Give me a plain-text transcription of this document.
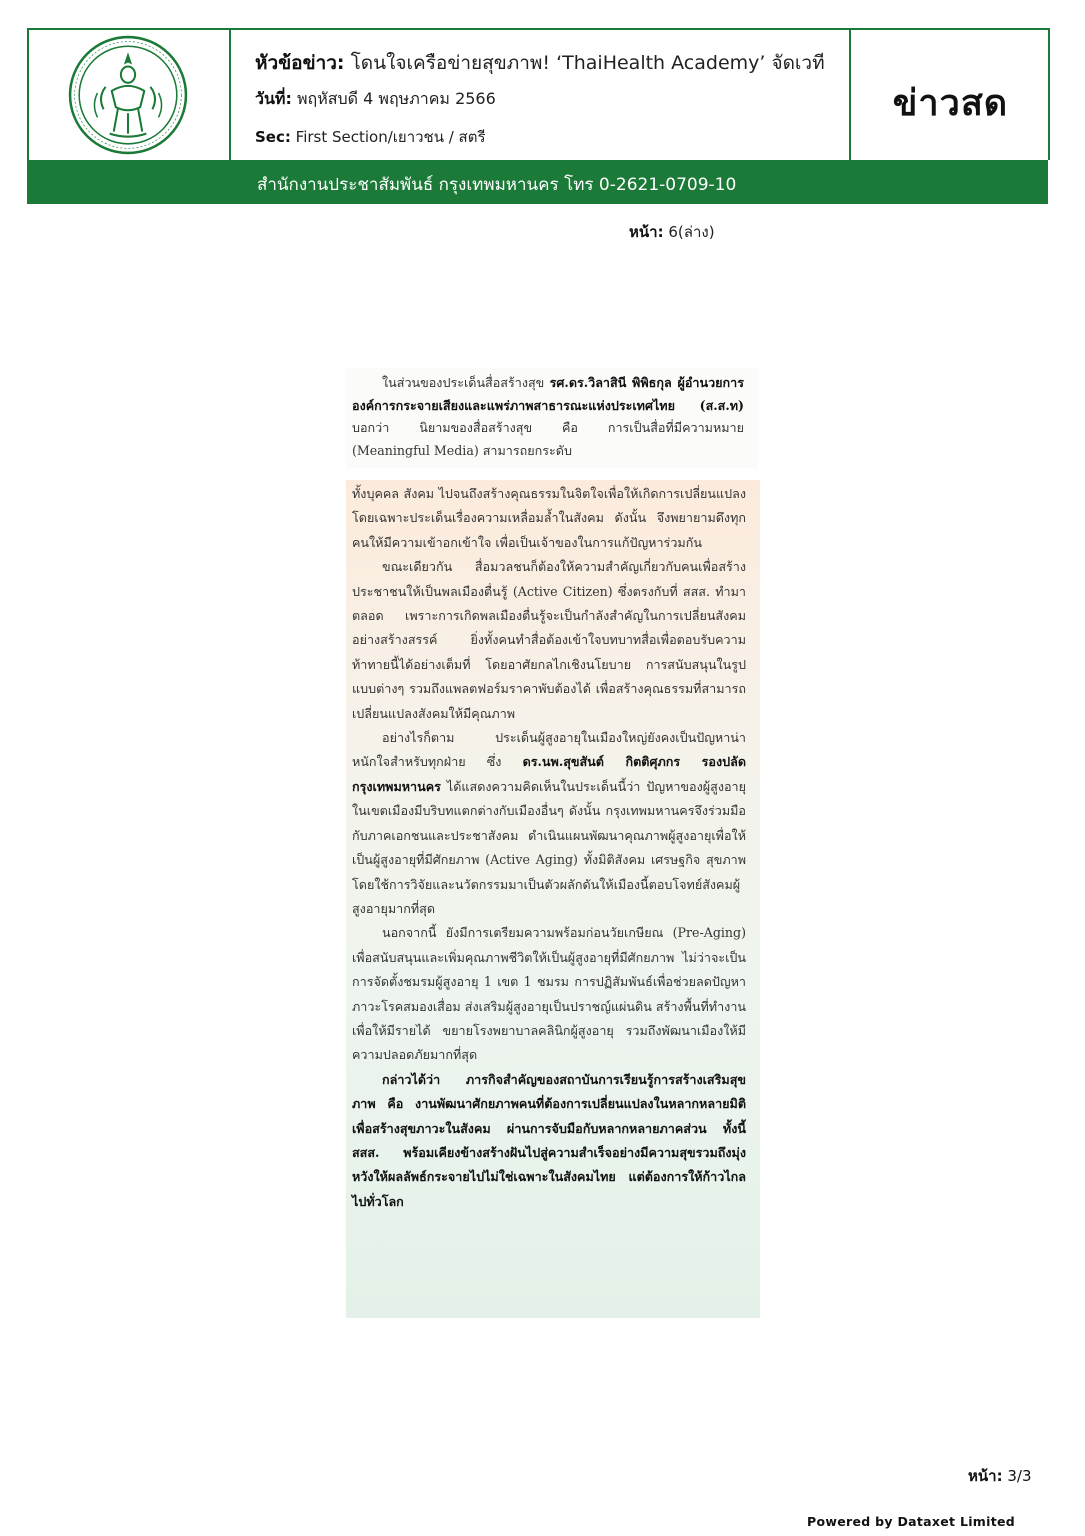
หัวข้อข่าว: โดนใจเครือข่ายสุขภาพ! ‘ThaiHealth Academy’ จัดเวที
วันที่: พฤหัสบดี 4 พฤษภาคม 2566
Sec: First Section/เยาวชน / สตรี
หน้า: 6(ล่าง)
ข่าวสด
สำนักงานประชาสัมพันธ์ กรุงเทพมหานคร โทร 0-2621-0709-10

ในส่วนของประเด็นสื่อสร้างสุข รศ.ดร.วิลาสินี พิพิธกุล ผู้อำนวยการองค์การกระจายเสียงและแพร่ภาพสาธารณะแห่งประเทศไทย (ส.ส.ท) บอกว่า นิยามของสื่อสร้างสุข คือ การเป็นสื่อที่มีความหมาย (Meaningful Media) สามารถยกระดับ

ทั้งบุคคล สังคม ไปจนถึงสร้างคุณธรรมในจิตใจเพื่อให้เกิดการเปลี่ยนแปลง โดยเฉพาะประเด็นเรื่องความเหลื่อมล้ำในสังคม ดังนั้น จึงพยายามดึงทุกคนให้มีความเข้าอกเข้าใจ เพื่อเป็นเจ้าของในการแก้ปัญหาร่วมกัน

ขณะเดียวกัน สื่อมวลชนก็ต้องให้ความสำคัญเกี่ยวกับคนเพื่อสร้างประชาชนให้เป็นพลเมืองตื่นรู้ (Active Citizen) ซึ่งตรงกับที่ สสส. ทำมาตลอด เพราะการเกิดพลเมืองตื่นรู้จะเป็นกำลังสำคัญในการเปลี่ยนสังคมอย่างสร้างสรรค์ ยิ่งทั้งคนทำสื่อต้องเข้าใจบทบาทสื่อเพื่อตอบรับความท้าทายนี้ได้อย่างเต็มที่ โดยอาศัยกลไกเชิงนโยบาย การสนับสนุนในรูปแบบต่างๆ รวมถึงแพลตฟอร์มราคาพับต้องได้ เพื่อสร้างคุณธรรมที่สามารถเปลี่ยนแปลงสังคมให้มีคุณภาพ

อย่างไรก็ตาม ประเด็นผู้สูงอายุในเมืองใหญ่ยังคงเป็นปัญหาน่าหนักใจสำหรับทุกฝ่าย ซึ่ง ดร.นพ.สุขสันต์ กิตติศุภกร รองปลัดกรุงเทพมหานคร ได้แสดงความคิดเห็นในประเด็นนี้ว่า ปัญหาของผู้สูงอายุในเขตเมืองมีบริบทแตกต่างกับเมืองอื่นๆ ดังนั้น กรุงเทพมหานครจึงร่วมมือกับภาคเอกชนและประชาสังคม ดำเนินแผนพัฒนาคุณภาพผู้สูงอายุเพื่อให้เป็นผู้สูงอายุที่มีศักยภาพ (Active Aging) ทั้งมิติสังคม เศรษฐกิจ สุขภาพ โดยใช้การวิจัยและนวัตกรรมมาเป็นตัวผลักดันให้เมืองนี้ตอบโจทย์สังคมผู้สูงอายุมากที่สุด

นอกจากนี้ ยังมีการเตรียมความพร้อมก่อนวัยเกษียณ (Pre-Aging) เพื่อสนับสนุนและเพิ่มคุณภาพชีวิตให้เป็นผู้สูงอายุที่มีศักยภาพ ไม่ว่าจะเป็น การจัดตั้งชมรมผู้สูงอายุ 1 เขต 1 ชมรม การปฏิสัมพันธ์เพื่อช่วยลดปัญหาภาวะโรคสมองเสื่อม ส่งเสริมผู้สูงอายุเป็นปราชญ์แผ่นดิน สร้างพื้นที่ทำงานเพื่อให้มีรายได้ ขยายโรงพยาบาลคลินิกผู้สูงอายุ รวมถึงพัฒนาเมืองให้มีความปลอดภัยมากที่สุด

กล่าวได้ว่า ภารกิจสำคัญของสถาบันการเรียนรู้การสร้างเสริมสุขภาพ คือ งานพัฒนาศักยภาพคนที่ต้องการเปลี่ยนแปลงในหลากหลายมิติเพื่อสร้างสุขภาวะในสังคม ผ่านการจับมือกับหลากหลายภาคส่วน ทั้งนี้ สสส. พร้อมเคียงข้างสร้างฝันไปสู่ความสำเร็จอย่างมีความสุขรวมถึงมุ่งหวังให้ผลลัพธ์กระจายไปไม่ใช่เฉพาะในสังคมไทย แต่ต้องการให้ก้าวไกลไปทั่วโลก

หน้า: 3/3
Powered by Dataxet Limited
